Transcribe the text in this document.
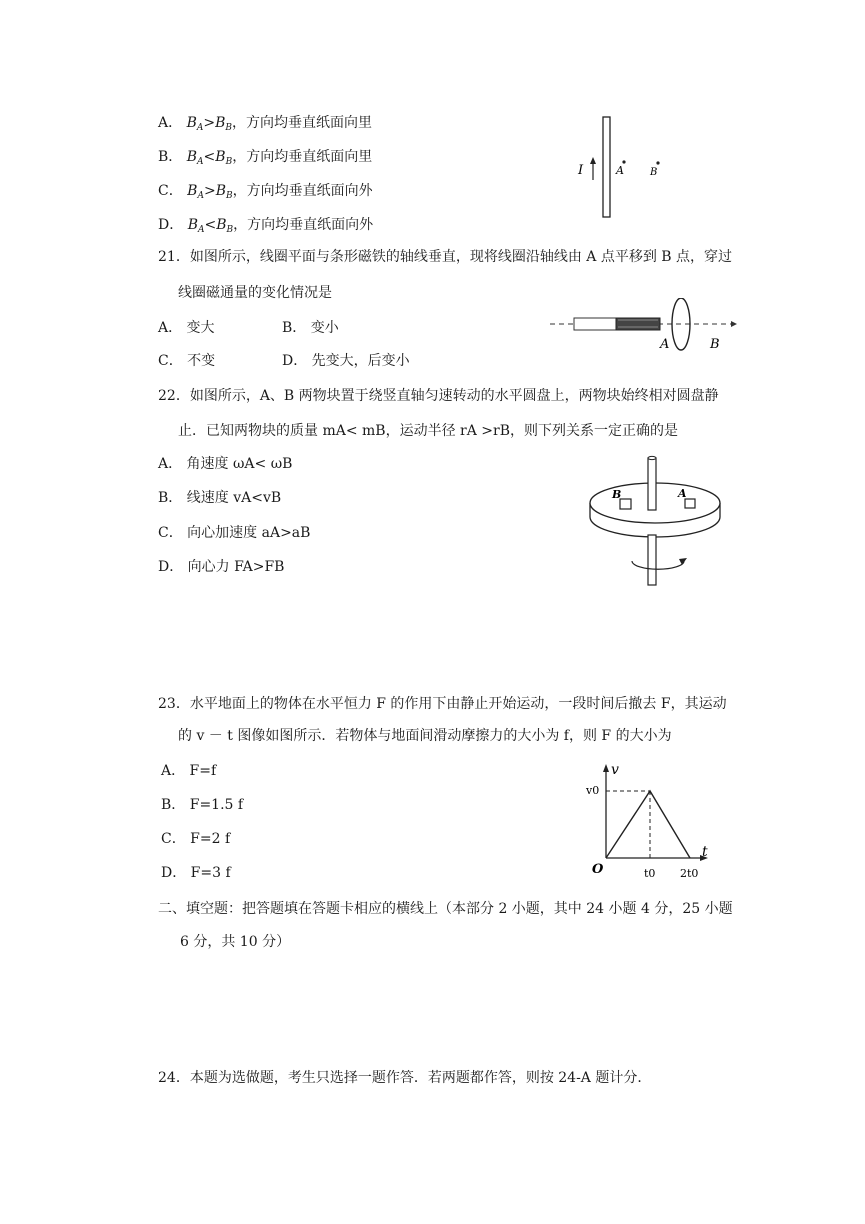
A． $B_A>B_B$，方向均垂直纸面向里
B． $B_A<B_B$，方向均垂直纸面向里
C． $B_A>B_B$，方向均垂直纸面向外
D． $B_A<B_B$，方向均垂直纸面向外
I	A	B
21．如图所示，线圈平面与条形磁铁的轴线垂直，现将线圈沿轴线由 A 点平移到 B 点，穿过
线圈磁通量的变化情况是
A． 变大	B． 变小
C． 不变	D． 先变大，后变小
A	B
22．如图所示，A、B 两物块置于绕竖直轴匀速转动的水平圆盘上，两物块始终相对圆盘静
止．已知两物块的质量 mA< mB，运动半径 rA >rB，则下列关系一定正确的是
A． 角速度 ωA< ωB
B． 线速度 vA<vB
C． 向心加速度 aA>aB
D． 向心力 FA>FB
B	A
23．水平地面上的物体在水平恒力 F 的作用下由静止开始运动，一段时间后撤去 F，其运动
的 v － t 图像如图所示．若物体与地面间滑动摩擦力的大小为 f，则 F 的大小为
A． F=f
B． F=1.5 f
C． F=2 f
D． F=3 f
v
t
O
v0
t0 2t0
二、填空题：把答题填在答题卡相应的横线上（本部分 2 小题，其中 24 小题 4 分，25 小题
6 分，共 10 分）
24．本题为选做题，考生只选择一题作答．若两题都作答，则按 24-A 题计分．
